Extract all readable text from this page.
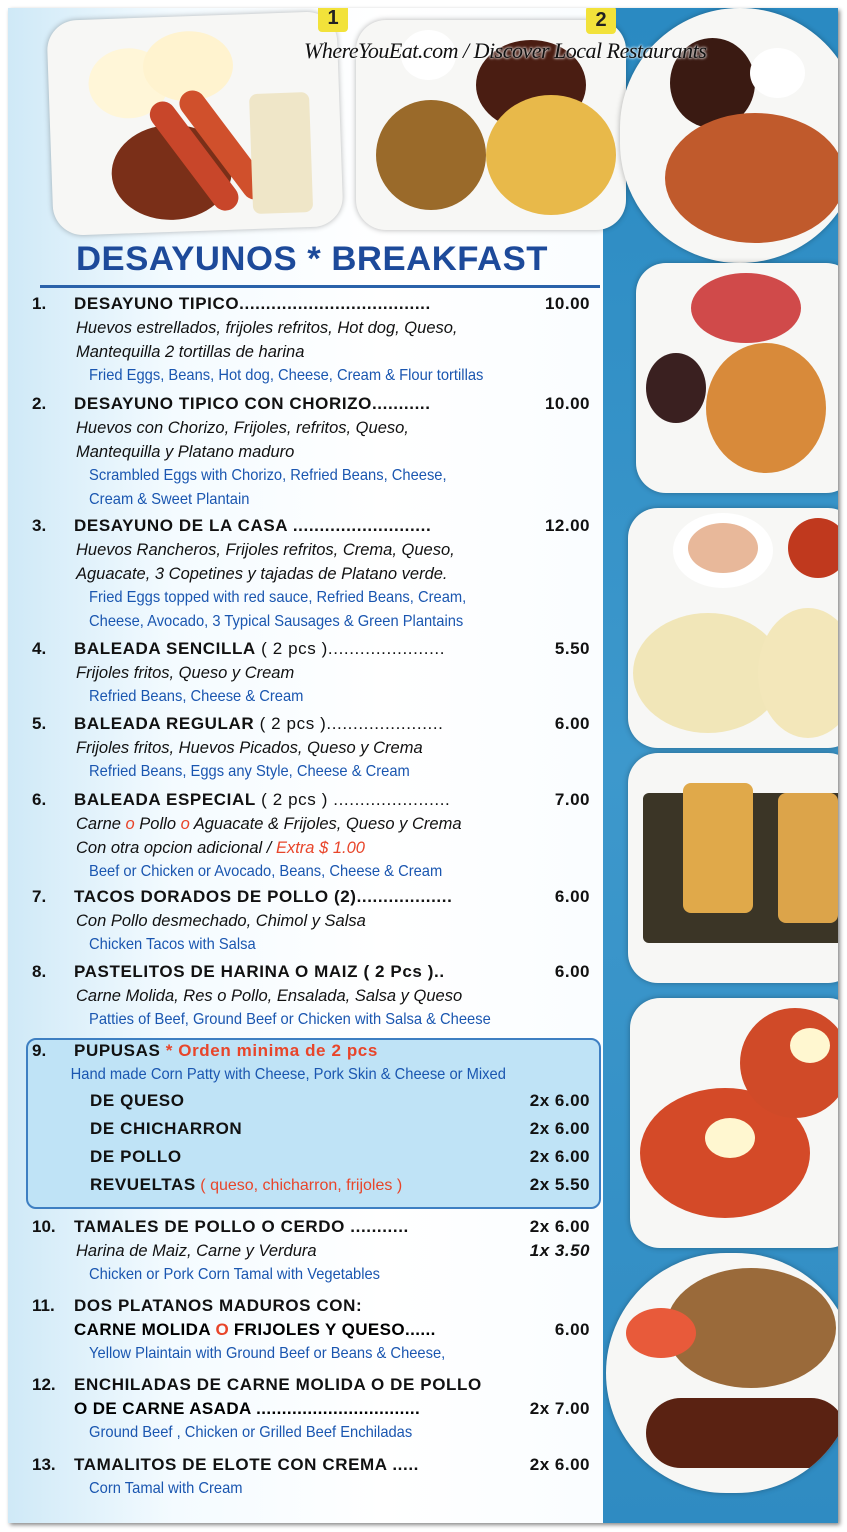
1	2
WhereYouEat.com / Discover Local Restaurants
DESAYUNOS * BREAKFAST
1. DESAYUNO TIPICO....................................	10.00
Huevos estrellados, frijoles refritos, Hot dog, Queso,
Mantequilla 2 tortillas de harina
Fried Eggs, Beans, Hot dog, Cheese, Cream & Flour tortillas
2. DESAYUNO TIPICO CON CHORIZO...........	10.00
Huevos con Chorizo, Frijoles, refritos, Queso,
Mantequilla y Platano maduro
Scrambled Eggs with Chorizo, Refried Beans, Cheese,
Cream & Sweet Plantain
3. DESAYUNO DE LA CASA ..........................	12.00
Huevos Rancheros, Frijoles refritos, Crema, Queso,
Aguacate, 3 Copetines y tajadas de Platano verde.
Fried Eggs topped with red sauce, Refried Beans, Cream,
Cheese, Avocado, 3 Typical Sausages & Green Plantains
4. BALEADA SENCILLA ( 2 pcs )......................	5.50
Frijoles fritos, Queso y Cream
Refried Beans, Cheese & Cream
5. BALEADA REGULAR ( 2 pcs )......................	6.00
Frijoles fritos, Huevos Picados, Queso y Crema
Refried Beans, Eggs any Style, Cheese & Cream
6. BALEADA ESPECIAL ( 2 pcs ) ......................	7.00
Carne o Pollo o Aguacate & Frijoles, Queso y Crema
Con otra opcion adicional / Extra $ 1.00
Beef or Chicken or Avocado, Beans, Cheese & Cream
7. TACOS DORADOS DE POLLO (2)..................	6.00
Con Pollo desmechado, Chimol y Salsa
Chicken Tacos with Salsa
8. PASTELITOS DE HARINA O MAIZ ( 2 Pcs )..	6.00
Carne Molida, Res o Pollo, Ensalada, Salsa y Queso
Patties of Beef, Ground Beef or Chicken with Salsa & Cheese
9. PUPUSAS * Orden minima de 2 pcs
Hand made Corn Patty with Cheese, Pork Skin & Cheese or Mixed
DE QUESO	2x 6.00
DE CHICHARRON	2x 6.00
DE POLLO	2x 6.00
REVUELTAS ( queso, chicharron, frijoles )	2x 5.50
10. TAMALES DE POLLO O CERDO ...........	2x 6.00
Harina de Maiz, Carne y Verdura	1x 3.50
Chicken or Pork Corn Tamal with Vegetables
11. DOS PLATANOS MADUROS CON:
CARNE MOLIDA O FRIJOLES Y QUESO......	6.00
Yellow Plaintain with Ground Beef or Beans & Cheese,
12. ENCHILADAS DE CARNE MOLIDA O DE POLLO
O DE CARNE ASADA ................................	2x 7.00
Ground Beef , Chicken or Grilled Beef Enchiladas
13. TAMALITOS DE ELOTE CON CREMA .....	2x 6.00
Corn Tamal with Cream
